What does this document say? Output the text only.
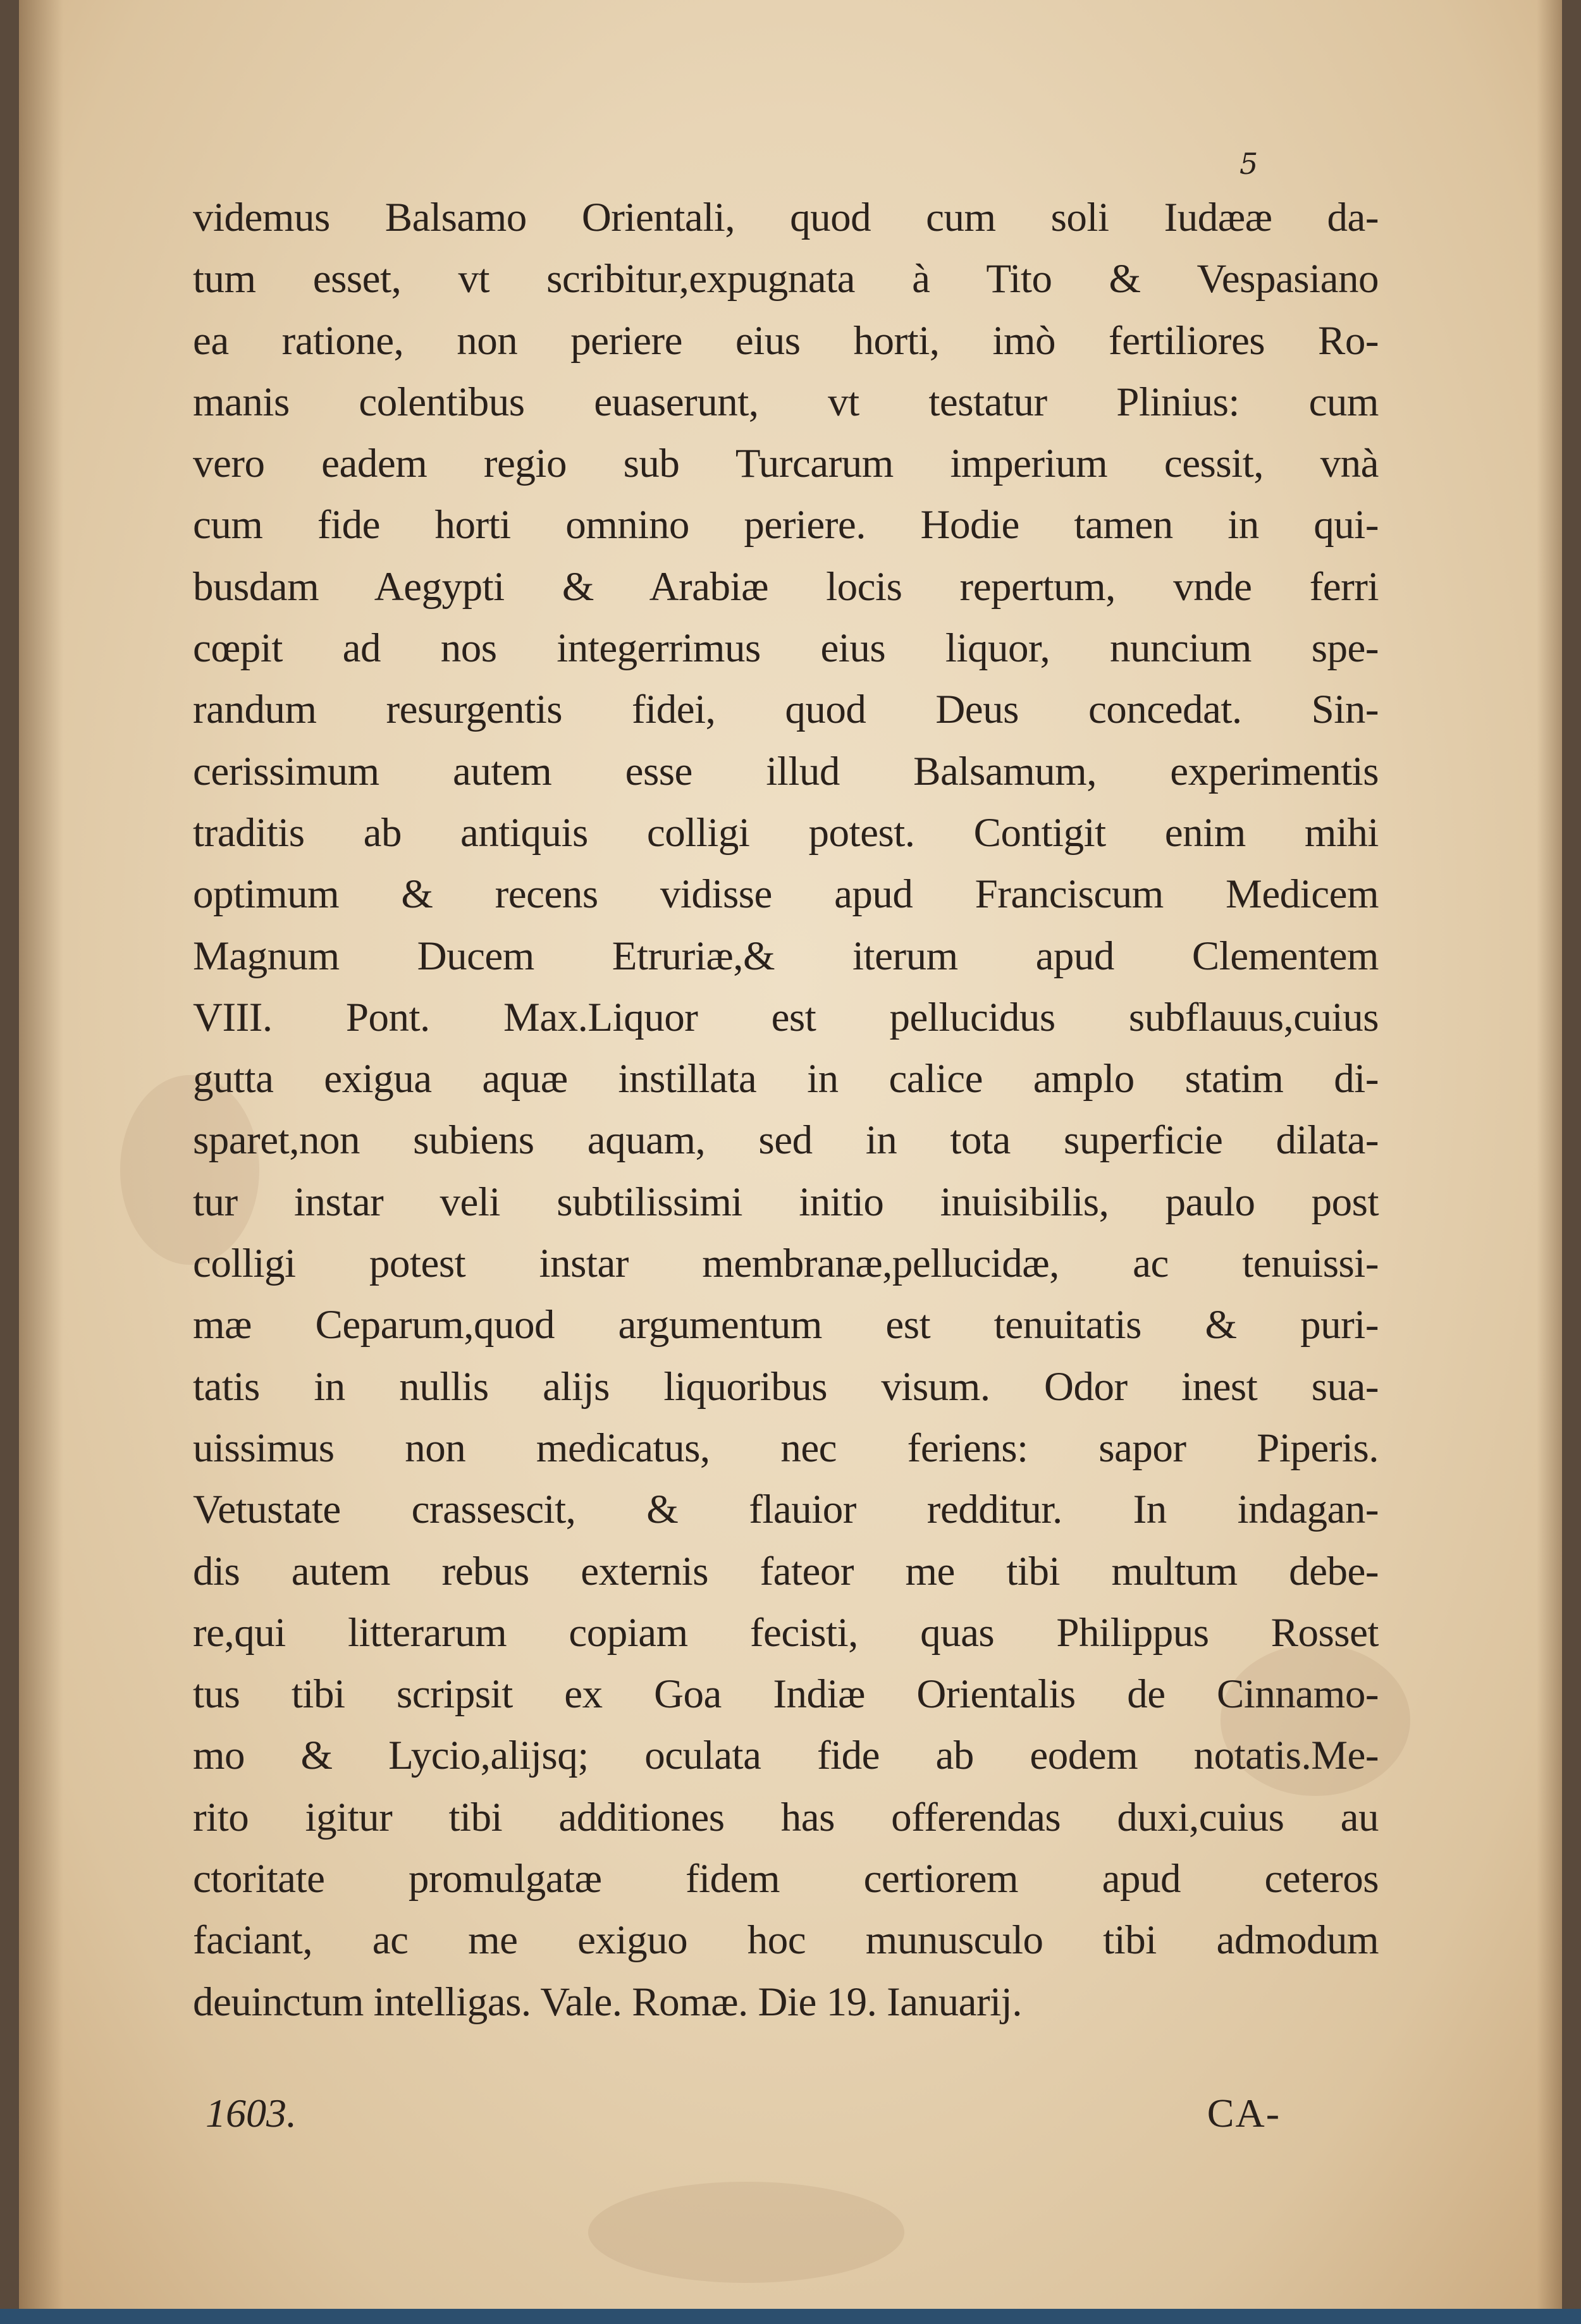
5

videmus Balsamo Orientali, quod cum soli Iudææ da-
tum esset, vt scribitur,expugnata à Tito & Vespasiano
ea ratione, non periere eius horti, imò fertiliores Ro-
manis colentibus euaserunt, vt testatur Plinius: cum
vero eadem regio sub Turcarum imperium cessit, vnà
cum fide horti omnino periere. Hodie tamen in qui-
busdam Aegypti & Arabiæ locis repertum, vnde ferri
cœpit ad nos integerrimus eius liquor, nuncium spe-
randum resurgentis fidei, quod Deus concedat. Sin-
cerissimum autem esse illud Balsamum, experimentis
traditis ab antiquis colligi potest. Contigit enim mihi
optimum & recens vidisse apud Franciscum Medicem
Magnum Ducem Etruriæ,& iterum apud Clementem
VIII. Pont. Max.Liquor est pellucidus subflauus,cuius
gutta exigua aquæ instillata in calice amplo statim di-
sparet,non subiens aquam, sed in tota superficie dilata-
tur instar veli subtilissimi initio inuisibilis, paulo post
colligi potest instar membranæ,pellucidæ, ac tenuissi-
mæ Ceparum,quod argumentum est tenuitatis & puri-
tatis in nullis alijs liquoribus visum. Odor inest sua-
uissimus non medicatus, nec feriens: sapor Piperis.
Vetustate crassescit, & flauior redditur. In indagan-
dis autem rebus externis fateor me tibi multum debe-
re,qui litterarum copiam fecisti, quas Philippus Rosset
tus tibi scripsit ex Goa Indiæ Orientalis de Cinnamo-
mo & Lycio,alijsq; oculata fide ab eodem notatis.Me-
rito igitur tibi additiones has offerendas duxi,cuius au
ctoritate promulgatæ fidem certiorem apud ceteros
faciant, ac me exiguo hoc munusculo tibi admodum
deuinctum intelligas. Vale. Romæ. Die 19. Ianuarij.
1603.	CA-
